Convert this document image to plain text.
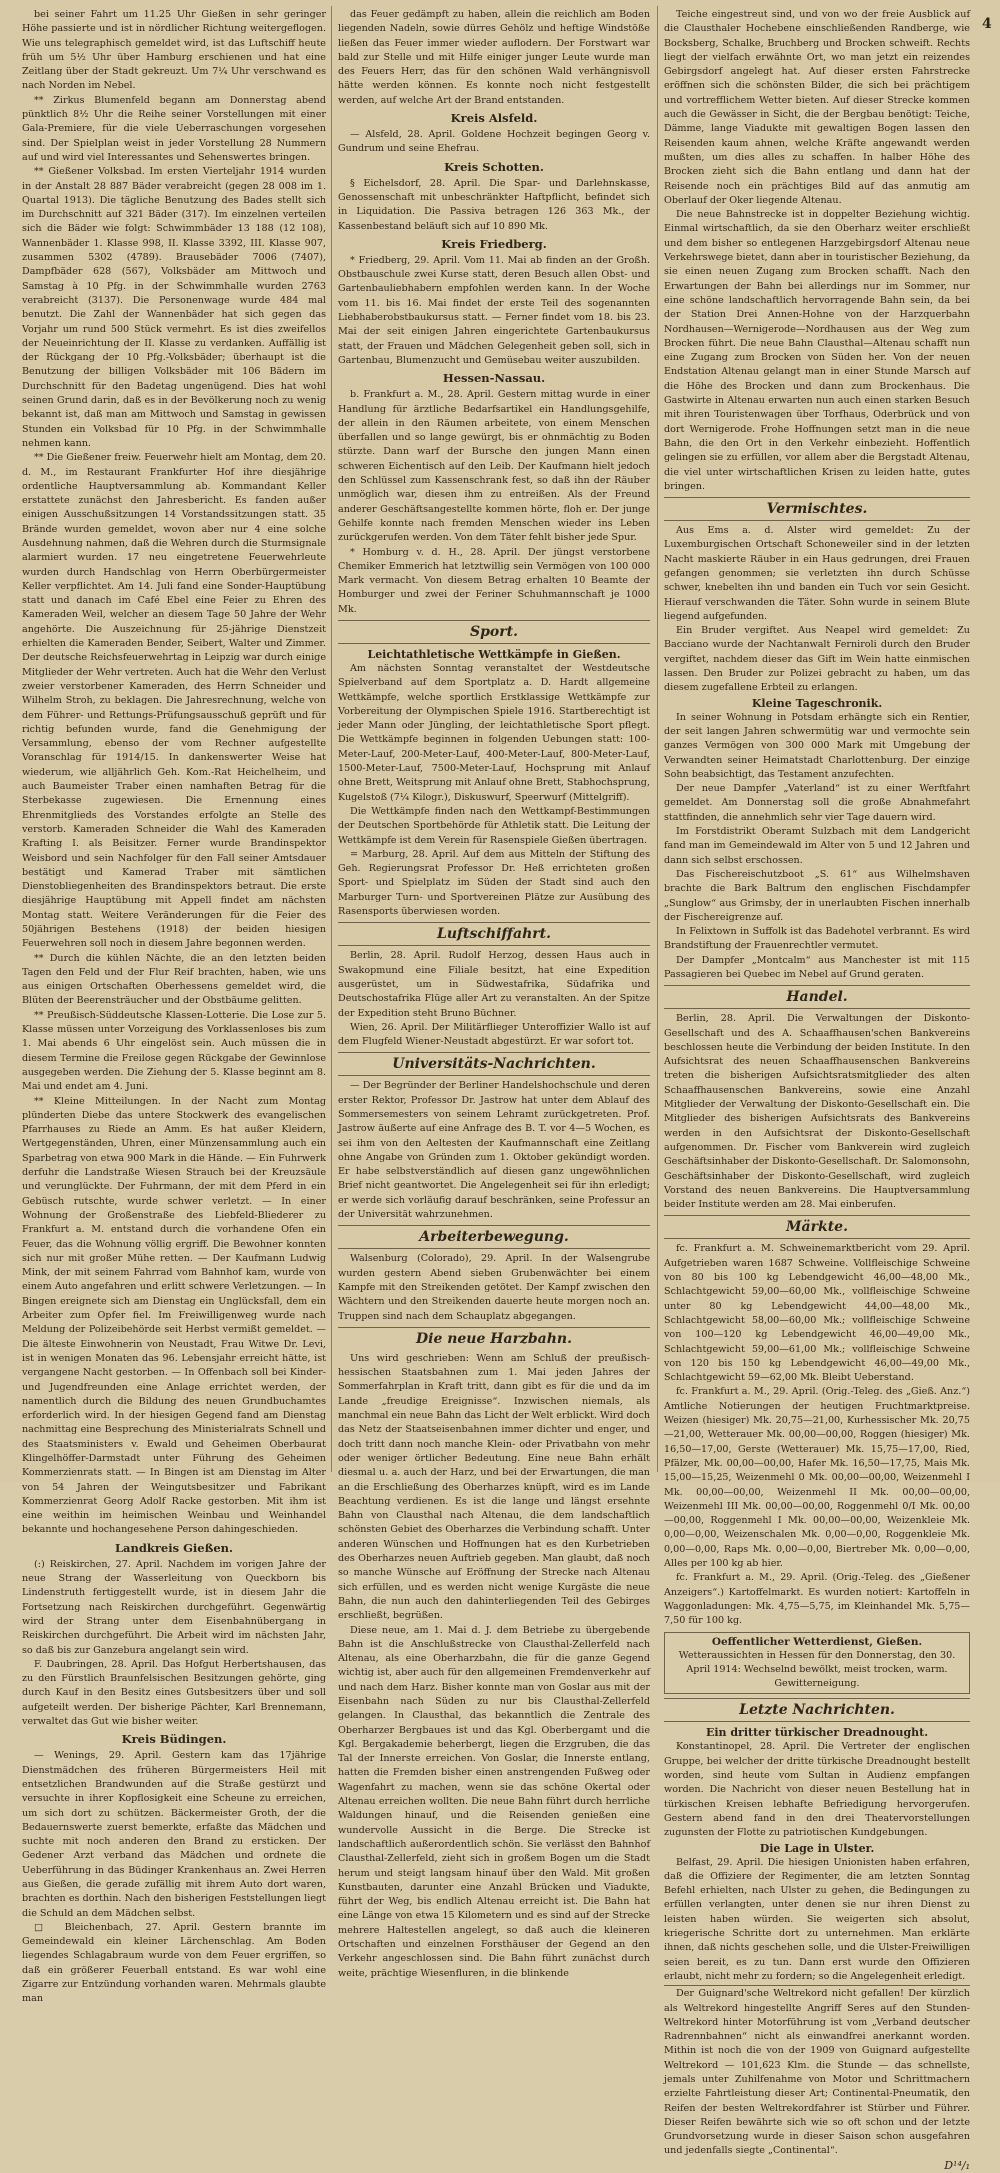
4

bei seiner Fahrt um 11.25 Uhr Gießen in sehr geringer Höhe passierte und ist in nördlicher Richtung weitergeflogen. Wie uns telegraphisch gemeldet wird, ist das Luftschiff heute früh um 5½ Uhr über Hamburg erschienen und hat eine Zeitlang über der Stadt gekreuzt. Um 7¼ Uhr verschwand es nach Norden im Nebel.

** Zirkus Blumenfeld begann am Donnerstag abend pünktlich 8½ Uhr die Reihe seiner Vorstellungen mit einer Gala-Premiere, für die viele Ueberraschungen vorgesehen sind. Der Spielplan weist in jeder Vorstellung 28 Nummern auf und wird viel Interessantes und Sehenswertes bringen.

** Gießener Volksbad. Im ersten Vierteljahr 1914 wurden in der Anstalt 28 887 Bäder verabreicht (gegen 28 008 im 1. Quartal 1913). Die tägliche Benutzung des Bades stellt sich im Durchschnitt auf 321 Bäder (317). Im einzelnen verteilen sich die Bäder wie folgt: Schwimmbäder 13 188 (12 108), Wannenbäder 1. Klasse 998, II. Klasse 3392, III. Klasse 907, zusammen 5302 (4789). Brausebäder 7006 (7407), Dampfbäder 628 (567), Volksbäder am Mittwoch und Samstag à 10 Pfg. in der Schwimmhalle wurden 2763 verabreicht (3137). Die Personenwage wurde 484 mal benutzt. Die Zahl der Wannenbäder hat sich gegen das Vorjahr um rund 500 Stück vermehrt. Es ist dies zweifellos der Neueinrichtung der II. Klasse zu verdanken. Auffällig ist der Rückgang der 10 Pfg.-Volksbäder; überhaupt ist die Benutzung der billigen Volksbäder mit 106 Bädern im Durchschnitt für den Badetag ungenügend. Dies hat wohl seinen Grund darin, daß es in der Bevölkerung noch zu wenig bekannt ist, daß man am Mittwoch und Samstag in gewissen Stunden ein Volksbad für 10 Pfg. in der Schwimmhalle nehmen kann.

** Die Gießener freiw. Feuerwehr hielt am Montag, dem 20. d. M., im Restaurant Frankfurter Hof ihre diesjährige ordentliche Hauptversammlung ab. Kommandant Keller erstattete zunächst den Jahresbericht. Es fanden außer einigen Ausschußsitzungen 14 Vorstandssitzungen statt. 35 Brände wurden gemeldet, wovon aber nur 4 eine solche Ausdehnung nahmen, daß die Wehren durch die Sturmsignale alarmiert wurden. 17 neu eingetretene Feuerwehrleute wurden durch Handschlag von Herrn Oberbürgermeister Keller verpflichtet. Am 14. Juli fand eine Sonder-Hauptübung statt und danach im Café Ebel eine Feier zu Ehren des Kameraden Weil, welcher an diesem Tage 50 Jahre der Wehr angehörte. Die Auszeichnung für 25-jährige Dienstzeit erhielten die Kameraden Bender, Seibert, Walter und Zimmer. Der deutsche Reichsfeuerwehrtag in Leipzig war durch einige Mitglieder der Wehr vertreten. Auch hat die Wehr den Verlust zweier verstorbener Kameraden, des Herrn Schneider und Wilhelm Stroh, zu beklagen. Die Jahresrechnung, welche von dem Führer- und Rettungs-Prüfungsausschuß geprüft und für richtig befunden wurde, fand die Genehmigung der Versammlung, ebenso der vom Rechner aufgestellte Voranschlag für 1914/15. In dankenswerter Weise hat wiederum, wie alljährlich Geh. Kom.-Rat Heichelheim, und auch Baumeister Traber einen namhaften Betrag für die Sterbekasse zugewiesen. Die Ernennung eines Ehrenmitglieds des Vorstandes erfolgte an Stelle des verstorb. Kameraden Schneider die Wahl des Kameraden Krafting I. als Beisitzer. Ferner wurde Brandinspektor Weisbord und sein Nachfolger für den Fall seiner Amtsdauer bestätigt und Kamerad Traber mit sämtlichen Dienstobliegenheiten des Brandinspektors betraut. Die erste diesjährige Hauptübung mit Appell findet am nächsten Montag statt. Weitere Veränderungen für die Feier des 50jährigen Bestehens (1918) der beiden hiesigen Feuerwehren soll noch in diesem Jahre begonnen werden.

** Durch die kühlen Nächte, die an den letzten beiden Tagen den Feld und der Flur Reif brachten, haben, wie uns aus einigen Ortschaften Oberhessens gemeldet wird, die Blüten der Beerensträucher und der Obstbäume gelitten.

** Preußisch-Süddeutsche Klassen-Lotterie. Die Lose zur 5. Klasse müssen unter Vorzeigung des Vorklassenloses bis zum 1. Mai abends 6 Uhr eingelöst sein. Auch müssen die in diesem Termine die Freilose gegen Rückgabe der Gewinnlose ausgegeben werden. Die Ziehung der 5. Klasse beginnt am 8. Mai und endet am 4. Juni.

** Kleine Mitteilungen. In der Nacht zum Montag plünderten Diebe das untere Stockwerk des evangelischen Pfarrhauses zu Riede an Amm. Es hat außer Kleidern, Wertgegenständen, Uhren, einer Münzensammlung auch ein Sparbetrag von etwa 900 Mark in die Hände. — Ein Fuhrwerk derfuhr die Landstraße Wiesen Strauch bei der Kreuzsäule und verunglückte. Der Fuhrmann, der mit dem Pferd in ein Gebüsch rutschte, wurde schwer verletzt. — In einer Wohnung der Großenstraße des Liebfeld-Bliederer zu Frankfurt a. M. entstand durch die vorhandene Ofen ein Feuer, das die Wohnung völlig ergriff. Die Bewohner konnten sich nur mit großer Mühe retten. — Der Kaufmann Ludwig Mink, der mit seinem Fahrrad vom Bahnhof kam, wurde von einem Auto angefahren und erlitt schwere Verletzungen. — In Bingen ereignete sich am Dienstag ein Unglücksfall, dem ein Arbeiter zum Opfer fiel. Im Freiwilligenweg wurde nach Meldung der Polizeibehörde seit Herbst vermißt gemeldet. — Die älteste Einwohnerin von Neustadt, Frau Witwe Dr. Levi, ist in wenigen Monaten das 96. Lebensjahr erreicht hätte, ist vergangene Nacht gestorben. — In Offenbach soll bei Kinder- und Jugendfreunden eine Anlage errichtet werden, der namentlich durch die Bildung des neuen Grundbuchamtes erforderlich wird. In der hiesigen Gegend fand am Dienstag nachmittag eine Besprechung des Ministerialrats Schnell und des Staatsministers v. Ewald und Geheimen Oberbaurat Klingelhöffer-Darmstadt unter Führung des Geheimen Kommerzienrats statt. — In Bingen ist am Dienstag im Alter von 54 Jahren der Weingutsbesitzer und Fabrikant Kommerzienrat Georg Adolf Racke gestorben. Mit ihm ist eine weithin im heimischen Weinbau und Weinhandel bekannte und hochangesehene Person dahingeschieden.

Landkreis Gießen.

(:) Reiskirchen, 27. April. Nachdem im vorigen Jahre der neue Strang der Wasserleitung von Queckborn bis Lindenstruth fertiggestellt wurde, ist in diesem Jahr die Fortsetzung nach Reiskirchen durchgeführt. Gegenwärtig wird der Strang unter dem Eisenbahnübergang in Reiskirchen durchgeführt. Die Arbeit wird im nächsten Jahr, so daß bis zur Ganzebura angelangt sein wird.

F. Daubringen, 28. April. Das Hofgut Herbertshausen, das zu den Fürstlich Braunfelsischen Besitzungen gehörte, ging durch Kauf in den Besitz eines Gutsbesitzers über und soll aufgeteilt werden. Der bisherige Pächter, Karl Brennemann, verwaltet das Gut wie bisher weiter.

Kreis Büdingen.

— Wenings, 29. April. Gestern kam das 17jährige Dienstmädchen des früheren Bürgermeisters Heil mit entsetzlichen Brandwunden auf die Straße gestürzt und versuchte in ihrer Kopflosigkeit eine Scheune zu erreichen, um sich dort zu schützen. Bäckermeister Groth, der die Bedauernswerte zuerst bemerkte, erfaßte das Mädchen und suchte mit noch anderen den Brand zu ersticken. Der Gedener Arzt verband das Mädchen und ordnete die Ueberführung in das Büdinger Krankenhaus an. Zwei Herren aus Gießen, die gerade zufällig mit ihrem Auto dort waren, brachten es dorthin. Nach den bisherigen Feststellungen liegt die Schuld an dem Mädchen selbst.

□ Bleichenbach, 27. April. Gestern brannte im Gemeindewald ein kleiner Lärchenschlag. Am Boden liegendes Schlagabraum wurde von dem Feuer ergriffen, so daß ein größerer Feuerball entstand. Es war wohl eine Zigarre zur Entzündung vorhanden waren. Mehrmals glaubte man

das Feuer gedämpft zu haben, allein die reichlich am Boden liegenden Nadeln, sowie dürres Gehölz und heftige Windstöße ließen das Feuer immer wieder auflodern. Der Forstwart war bald zur Stelle und mit Hilfe einiger junger Leute wurde man des Feuers Herr, das für den schönen Wald verhängnisvoll hätte werden können. Es konnte noch nicht festgestellt werden, auf welche Art der Brand entstanden.

Kreis Alsfeld.

— Alsfeld, 28. April. Goldene Hochzeit begingen Georg v. Gundrum und seine Ehefrau.

Kreis Schotten.

§ Eichelsdorf, 28. April. Die Spar- und Darlehnskasse, Genossenschaft mit unbeschränkter Haftpflicht, befindet sich in Liquidation. Die Passiva betragen 126 363 Mk., der Kassenbestand beläuft sich auf 10 890 Mk.

Kreis Friedberg.

* Friedberg, 29. April. Vom 11. Mai ab finden an der Großh. Obstbauschule zwei Kurse statt, deren Besuch allen Obst- und Gartenbauliebhabern empfohlen werden kann. In der Woche vom 11. bis 16. Mai findet der erste Teil des sogenannten Liebhaberobstbaukursus statt. — Ferner findet vom 18. bis 23. Mai der seit einigen Jahren eingerichtete Gartenbaukursus statt, der Frauen und Mädchen Gelegenheit geben soll, sich in Gartenbau, Blumenzucht und Gemüsebau weiter auszubilden.

Hessen-Nassau.

b. Frankfurt a. M., 28. April. Gestern mittag wurde in einer Handlung für ärztliche Bedarfsartikel ein Handlungsgehilfe, der allein in den Räumen arbeitete, von einem Menschen überfallen und so lange gewürgt, bis er ohnmächtig zu Boden stürzte. Dann warf der Bursche den jungen Mann einen schweren Eichentisch auf den Leib. Der Kaufmann hielt jedoch den Schlüssel zum Kassenschrank fest, so daß ihn der Räuber unmöglich war, diesen ihm zu entreißen. Als der Freund anderer Geschäftsangestellte kommen hörte, floh er. Der junge Gehilfe konnte nach fremden Menschen wieder ins Leben zurückgerufen werden. Von dem Täter fehlt bisher jede Spur.

* Homburg v. d. H., 28. April. Der jüngst verstorbene Chemiker Emmerich hat letztwillig sein Vermögen von 100 000 Mark vermacht. Von diesem Betrag erhalten 10 Beamte der Homburger und zwei der Feriner Schuhmannschaft je 1000 Mk.

Sport.
Leichtathletische Wettkämpfe in Gießen.

Am nächsten Sonntag veranstaltet der Westdeutsche Spielverband auf dem Sportplatz a. D. Hardt allgemeine Wettkämpfe, welche sportlich Erstklassige Wettkämpfe zur Vorbereitung der Olympischen Spiele 1916. Startberechtigt ist jeder Mann oder Jüngling, der leichtathletische Sport pflegt. Die Wettkämpfe beginnen in folgenden Uebungen statt: 100-Meter-Lauf, 200-Meter-Lauf, 400-Meter-Lauf, 800-Meter-Lauf, 1500-Meter-Lauf, 7500-Meter-Lauf, Hochsprung mit Anlauf ohne Brett, Weitsprung mit Anlauf ohne Brett, Stabhochsprung, Kugelstoß (7¼ Kilogr.), Diskuswurf, Speerwurf (Mittelgriff).

Die Wettkämpfe finden nach den Wettkampf-Bestimmungen der Deutschen Sportbehörde für Athletik statt. Die Leitung der Wettkämpfe ist dem Verein für Rasenspiele Gießen übertragen.

= Marburg, 28. April. Auf dem aus Mitteln der Stiftung des Geh. Regierungsrat Professor Dr. Heß errichteten großen Sport- und Spielplatz im Süden der Stadt sind auch den Marburger Turn- und Sportvereinen Plätze zur Ausübung des Rasensports überwiesen worden.

Luftschiffahrt.

Berlin, 28. April. Rudolf Herzog, dessen Haus auch in Swakopmund eine Filiale besitzt, hat eine Expedition ausgerüstet, um in Südwestafrika, Südafrika und Deutschostafrika Flüge aller Art zu veranstalten. An der Spitze der Expedition steht Bruno Büchner.

Wien, 26. April. Der Militärflieger Unteroffizier Wallo ist auf dem Flugfeld Wiener-Neustadt abgestürzt. Er war sofort tot.

Universitäts-Nachrichten.

— Der Begründer der Berliner Handelshochschule und deren erster Rektor, Professor Dr. Jastrow hat unter dem Ablauf des Sommersemesters von seinem Lehramt zurückgetreten. Prof. Jastrow äußerte auf eine Anfrage des B. T. vor 4—5 Wochen, es sei ihm von den Aeltesten der Kaufmannschaft eine Zeitlang ohne Angabe von Gründen zum 1. Oktober gekündigt worden. Er habe selbstverständlich auf diesen ganz ungewöhnlichen Brief nicht geantwortet. Die Angelegenheit sei für ihn erledigt; er werde sich vorläufig darauf beschränken, seine Professur an der Universität wahrzunehmen.

Arbeiterbewegung.

Walsenburg (Colorado), 29. April. In der Walsengrube wurden gestern Abend sieben Grubenwächter bei einem Kampfe mit den Streikenden getötet. Der Kampf zwischen den Wächtern und den Streikenden dauerte heute morgen noch an. Truppen sind nach dem Schauplatz abgegangen.

Die neue Harzbahn.

Uns wird geschrieben: Wenn am Schluß der preußisch-hessischen Staatsbahnen zum 1. Mai jeden Jahres der Sommerfahrplan in Kraft tritt, dann gibt es für die und da im Lande „freudige Ereignisse“. Inzwischen niemals, als manchmal ein neue Bahn das Licht der Welt erblickt. Wird doch das Netz der Staatseisenbahnen immer dichter und enger, und doch tritt dann noch manche Klein- oder Privatbahn von mehr oder weniger örtlicher Bedeutung. Eine neue Bahn erhält diesmal u. a. auch der Harz, und bei der Erwartungen, die man an die Erschließung des Oberharzes knüpft, wird es im Lande Beachtung verdienen. Es ist die lange und längst ersehnte Bahn von Clausthal nach Altenau, die dem landschaftlich schönsten Gebiet des Oberharzes die Verbindung schafft. Unter anderen Wünschen und Hoffnungen hat es den Kurbetrieben des Oberharzes neuen Auftrieb gegeben. Man glaubt, daß noch so manche Wünsche auf Eröffnung der Strecke nach Altenau sich erfüllen, und es werden nicht wenige Kurgäste die neue Bahn, die nun auch den dahinterliegenden Teil des Gebirges erschließt, begrüßen.

Diese neue, am 1. Mai d. J. dem Betriebe zu übergebende Bahn ist die Anschlußstrecke von Clausthal-Zellerfeld nach Altenau, als eine Oberharzbahn, die für die ganze Gegend wichtig ist, aber auch für den allgemeinen Fremdenverkehr auf und nach dem Harz. Bisher konnte man von Goslar aus mit der Eisenbahn nach Süden zu nur bis Clausthal-Zellerfeld gelangen. In Clausthal, das bekanntlich die Zentrale des Oberharzer Bergbaues ist und das Kgl. Oberbergamt und die Kgl. Bergakademie beherbergt, liegen die Erzgruben, die das Tal der Innerste erreichen. Von Goslar, die Innerste entlang, hatten die Fremden bisher einen anstrengenden Fußweg oder Wagenfahrt zu machen, wenn sie das schöne Okertal oder Altenau erreichen wollten. Die neue Bahn führt durch herrliche Waldungen hinauf, und die Reisenden genießen eine wundervolle Aussicht in die Berge. Die Strecke ist landschaftlich außerordentlich schön. Sie verlässt den Bahnhof Clausthal-Zellerfeld, zieht sich in großem Bogen um die Stadt herum und steigt langsam hinauf über den Wald. Mit großen Kunstbauten, darunter eine Anzahl Brücken und Viadukte, führt der Weg, bis endlich Altenau erreicht ist. Die Bahn hat eine Länge von etwa 15 Kilometern und es sind auf der Strecke mehrere Haltestellen angelegt, so daß auch die kleineren Ortschaften und einzelnen Forsthäuser der Gegend an den Verkehr angeschlossen sind. Die Bahn führt zunächst durch weite, prächtige Wiesenfluren, in die blinkende

Teiche eingestreut sind, und von wo der freie Ausblick auf die Clausthaler Hochebene einschließenden Randberge, wie Bocksberg, Schalke, Bruchberg und Brocken schweift. Rechts liegt der vielfach erwähnte Ort, wo man jetzt ein reizendes Gebirgsdorf angelegt hat. Auf dieser ersten Fahrstrecke eröffnen sich die schönsten Bilder, die sich bei prächtigem und vortrefflichem Wetter bieten. Auf dieser Strecke kommen auch die Gewässer in Sicht, die der Bergbau benötigt: Teiche, Dämme, lange Viadukte mit gewaltigen Bogen lassen den Reisenden kaum ahnen, welche Kräfte angewandt werden mußten, um dies alles zu schaffen. In halber Höhe des Brocken zieht sich die Bahn entlang und dann hat der Reisende noch ein prächtiges Bild auf das anmutig am Oberlauf der Oker liegende Altenau.

Die neue Bahnstrecke ist in doppelter Beziehung wichtig. Einmal wirtschaftlich, da sie den Oberharz weiter erschließt und dem bisher so entlegenen Harzgebirgsdorf Altenau neue Verkehrswege bietet, dann aber in touristischer Beziehung, da sie einen neuen Zugang zum Brocken schafft. Nach den Erwartungen der Bahn bei allerdings nur im Sommer, nur eine schöne landschaftlich hervorragende Bahn sein, da bei der Station Drei Annen-Hohne von der Harzquerbahn Nordhausen—Wernigerode—Nordhausen aus der Weg zum Brocken führt. Die neue Bahn Clausthal—Altenau schafft nun eine Zugang zum Brocken von Süden her. Von der neuen Endstation Altenau gelangt man in einer Stunde Marsch auf die Höhe des Brocken und dann zum Brockenhaus. Die Gastwirte in Altenau erwarten nun auch einen starken Besuch mit ihren Touristenwagen über Torfhaus, Oderbrück und von dort Wernigerode. Frohe Hoffnungen setzt man in die neue Bahn, die den Ort in den Verkehr einbezieht. Hoffentlich gelingen sie zu erfüllen, vor allem aber die Bergstadt Altenau, die viel unter wirtschaftlichen Krisen zu leiden hatte, gutes bringen.

Vermischtes.

Aus Ems a. d. Alster wird gemeldet: Zu der Luxemburgischen Ortschaft Schoneweiler sind in der letzten Nacht maskierte Räuber in ein Haus gedrungen, drei Frauen gefangen genommen; sie verletzten ihn durch Schüsse schwer, knebelten ihn und banden ein Tuch vor sein Gesicht. Hierauf verschwanden die Täter. Sohn wurde in seinem Blute liegend aufgefunden.

Ein Bruder vergiftet. Aus Neapel wird gemeldet: Zu Bacciano wurde der Nachtanwalt Ferniroli durch den Bruder vergiftet, nachdem dieser das Gift im Wein hatte einmischen lassen. Den Bruder zur Polizei gebracht zu haben, um das diesem zugefallene Erbteil zu erlangen.

Kleine Tageschronik.

In seiner Wohnung in Potsdam erhängte sich ein Rentier, der seit langen Jahren schwermütig war und vermochte sein ganzes Vermögen von 300 000 Mark mit Umgebung der Verwandten seiner Heimatstadt Charlottenburg. Der einzige Sohn beabsichtigt, das Testament anzufechten.

Der neue Dampfer „Vaterland“ ist zu einer Werftfahrt gemeldet. Am Donnerstag soll die große Abnahmefahrt stattfinden, die annehmlich sehr vier Tage dauern wird.

Im Forstdistrikt Oberamt Sulzbach mit dem Landgericht fand man im Gemeindewald im Alter von 5 und 12 Jahren und dann sich selbst erschossen.

Das Fischereischutzboot „S. 61“ aus Wilhelmshaven brachte die Bark Baltrum den englischen Fischdampfer „Sunglow“ aus Grimsby, der in unerlaubten Fischen innerhalb der Fischereigrenze auf.

In Felixtown in Suffolk ist das Badehotel verbrannt. Es wird Brandstiftung der Frauenrechtler vermutet.

Der Dampfer „Montcalm“ aus Manchester ist mit 115 Passagieren bei Quebec im Nebel auf Grund geraten.

Handel.

Berlin, 28. April. Die Verwaltungen der Diskonto-Gesellschaft und des A. Schaaffhausen'schen Bankvereins beschlossen heute die Verbindung der beiden Institute. In den Aufsichtsrat des neuen Schaaffhausenschen Bankvereins treten die bisherigen Aufsichtsratsmitglieder des alten Schaaffhausenschen Bankvereins, sowie eine Anzahl Mitglieder der Verwaltung der Diskonto-Gesellschaft ein. Die Mitglieder des bisherigen Aufsichtsrats des Bankvereins werden in den Aufsichtsrat der Diskonto-Gesellschaft aufgenommen. Dr. Fischer vom Bankverein wird zugleich Geschäftsinhaber der Diskonto-Gesellschaft. Dr. Salomonsohn, Geschäftsinhaber der Diskonto-Gesellschaft, wird zugleich Vorstand des neuen Bankvereins. Die Hauptversammlung beider Institute werden am 28. Mai einberufen.

Märkte.

fc. Frankfurt a. M. Schweinemarktbericht vom 29. April. Aufgetrieben waren 1687 Schweine. Vollfleischige Schweine von 80 bis 100 kg Lebendgewicht 46,00—48,00 Mk., Schlachtgewicht 59,00—60,00 Mk., vollfleischige Schweine unter 80 kg Lebendgewicht 44,00—48,00 Mk., Schlachtgewicht 58,00—60,00 Mk.; vollfleischige Schweine von 100—120 kg Lebendgewicht 46,00—49,00 Mk., Schlachtgewicht 59,00—61,00 Mk.; vollfleischige Schweine von 120 bis 150 kg Lebendgewicht 46,00—49,00 Mk., Schlachtgewicht 59—62,00 Mk. Bleibt Ueberstand.

fc. Frankfurt a. M., 29. April. (Orig.-Teleg. des „Gieß. Anz.“) Amtliche Notierungen der heutigen Fruchtmarktpreise. Weizen (hiesiger) Mk. 20,75—21,00, Kurhessischer Mk. 20,75—21,00, Wetterauer Mk. 00,00—00,00, Roggen (hiesiger) Mk. 16,50—17,00, Gerste (Wetterauer) Mk. 15,75—17,00, Ried, Pfälzer, Mk. 00,00—00,00, Hafer Mk. 16,50—17,75, Mais Mk. 15,00—15,25, Weizenmehl 0 Mk. 00,00—00,00, Weizenmehl I Mk. 00,00—00,00, Weizenmehl II Mk. 00,00—00,00, Weizenmehl III Mk. 00,00—00,00, Roggenmehl 0/I Mk. 00,00—00,00, Roggenmehl I Mk. 00,00—00,00, Weizenkleie Mk. 0,00—0,00, Weizenschalen Mk. 0,00—0,00, Roggenkleie Mk. 0,00—0,00, Raps Mk. 0,00—0,00, Biertreber Mk. 0,00—0,00, Alles per 100 kg ab hier.

fc. Frankfurt a. M., 29. April. (Orig.-Teleg. des „Gießener Anzeigers“.) Kartoffelmarkt. Es wurden notiert: Kartoffeln in Waggonladungen: Mk. 4,75—5,75, im Kleinhandel Mk. 5,75—7,50 für 100 kg.

Oeffentlicher Wetterdienst, Gießen.
Wetteraussichten in Hessen für den Donnerstag, den 30. April 1914: Wechselnd bewölkt, meist trocken, warm. Gewitterneigung.
Letzte Nachrichten.
Ein dritter türkischer Dreadnought.

Konstantinopel, 28. April. Die Vertreter der englischen Gruppe, bei welcher der dritte türkische Dreadnought bestellt worden, sind heute vom Sultan in Audienz empfangen worden. Die Nachricht von dieser neuen Bestellung hat in türkischen Kreisen lebhafte Befriedigung hervorgerufen. Gestern abend fand in den drei Theatervorstellungen zugunsten der Flotte zu patriotischen Kundgebungen.

Die Lage in Ulster.

Belfast, 29. April. Die hiesigen Unionisten haben erfahren, daß die Offiziere der Regimenter, die am letzten Sonntag Befehl erhielten, nach Ulster zu gehen, die Bedingungen zu erfüllen verlangten, unter denen sie nur ihren Dienst zu leisten haben würden. Sie weigerten sich absolut, kriegerische Schritte dort zu unternehmen. Man erklärte ihnen, daß nichts geschehen solle, und die Ulster-Freiwilligen seien bereit, es zu tun. Dann erst wurde den Offizieren erlaubt, nicht mehr zu fordern; so die Angelegenheit erledigt.

Der Guignard'sche Weltrekord nicht gefallen! Der kürzlich als Weltrekord hingestellte Angriff Seres auf den Stunden-Weltrekord hinter Motorführung ist vom „Verband deutscher Radrennbahnen“ nicht als einwandfrei anerkannt worden. Mithin ist noch die von der 1909 von Guignard aufgestellte Weltrekord — 101,623 Klm. die Stunde — das schnellste, jemals unter Zuhilfenahme von Motor und Schrittmachern erzielte Fahrtleistung dieser Art; Continental-Pneumatik, den Reifen der besten Weltrekordfahrer ist Stürber und Führer. Dieser Reifen bewährte sich wie so oft schon und der letzte Grundvorsetzung wurde in dieser Saison schon ausgefahren und jedenfalls siegte „Continental“.

D¹⁴/₁
